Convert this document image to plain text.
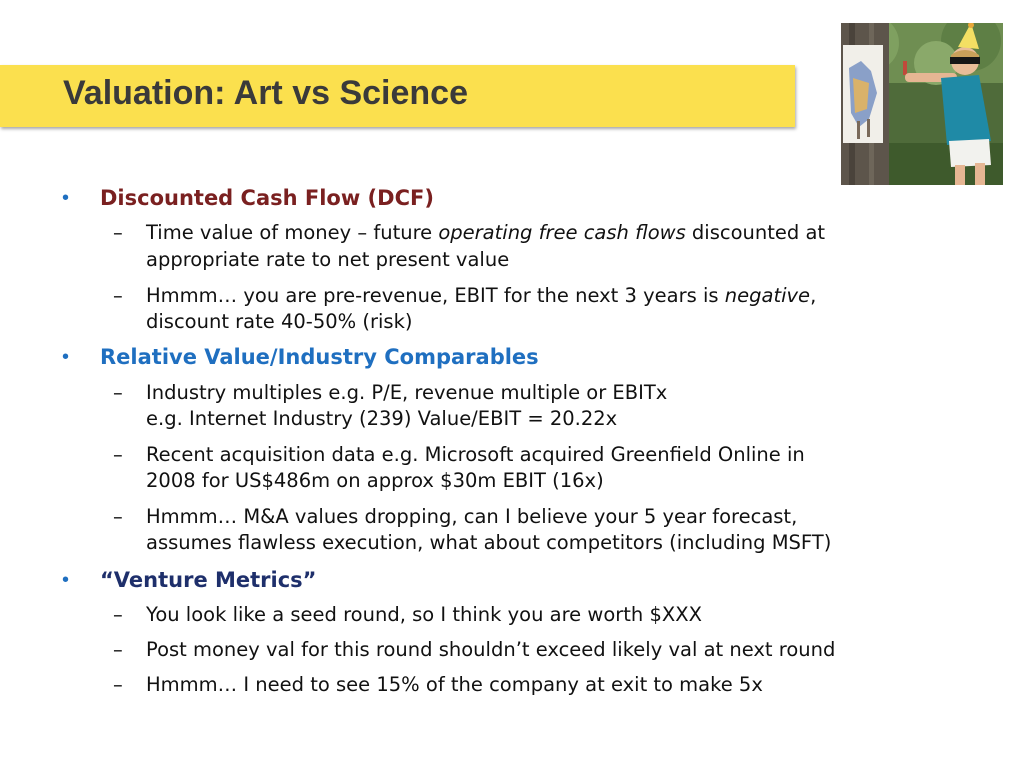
Valuation: Art vs Science
• Discounted Cash Flow (DCF)
– Time value of money – future operating free cash flows discounted at
appropriate rate to net present value
– Hmmm… you are pre-revenue, EBIT for the next 3 years is negative,
discount rate 40-50% (risk)
• Relative Value/Industry Comparables
– Industry multiples e.g. P/E, revenue multiple or EBITx
e.g. Internet Industry (239) Value/EBIT = 20.22x
– Recent acquisition data e.g. Microsoft acquired Greenfield Online in
2008 for US$486m on approx $30m EBIT (16x)
– Hmmm… M&A values dropping, can I believe your 5 year forecast,
assumes flawless execution, what about competitors (including MSFT)
• “Venture Metrics”
– You look like a seed round, so I think you are worth $XXX
– Post money val for this round shouldn’t exceed likely val at next round
– Hmmm… I need to see 15% of the company at exit to make 5x
